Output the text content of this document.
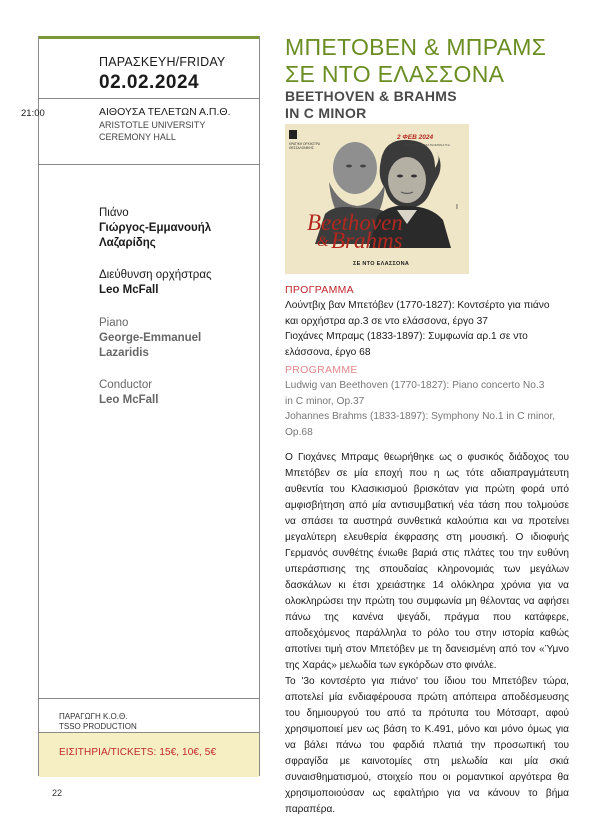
ΠΑΡΑΣΚΕΥΗ/FRIDAY
02.02.2024
21:00	ΑΙΘΟΥΣΑ ΤΕΛΕΤΩΝ Α.Π.Θ.
ARISTOTLE UNIVERSITY
CEREMONY HALL
Πιάνο
Γιώργος-Εμμανουήλ
Λαζαρίδης
Διεύθυνση ορχήστρας
Leo McFall
Piano
George-Emmanuel
Lazaridis
Conductor
Leo McFall
ΠΑΡΑΓΩΓΗ Κ.Ο.Θ.
TSSO PRODUCTION
ΕΙΣΙΤΗΡΙΑ/TICKETS: 15€, 10€, 5€
22
ΜΠΕΤΟΒΕΝ & ΜΠΡΑΜΣ
ΣΕ ΝΤΟ ΕΛΑΣΣΟΝΑ
BEETHOVEN & BRAHMS
IN C MINOR
ΚΡΑΤΙΚΗ ΟΡΧΗΣΤΡΑ ΘΕΣΣΑΛΟΝΙΚΗΣ
2 ΦΕΒ 2024
ΩΡΑ 21:00 ΑΙΘΟΥΣΑ ΤΕΛΕΤΩΝ Α.Π.Θ.
Beethoven
& Brahms
ΣΕ ΝΤΟ ΕΛΑΣΣΟΝΑ
I
ΠΡΟΓΡΑΜΜΑ
Λούντβιχ βαν Μπετόβεν (1770-1827): Κοντσέρτο για πιάνο
και ορχήστρα αρ.3 σε ντο ελάσσονα, έργο 37
Γιοχάνες Μπραμς (1833-1897): Συμφωνία αρ.1 σε ντο
ελάσσονα, έργο 68
PROGRAMME
Ludwig van Beethoven (1770-1827): Piano concerto No.3
in C minor, Op.37
Johannes Brahms (1833-1897): Symphony No.1 in C minor,
Op.68

Ο Γιοχάνες Μπραμς θεωρήθηκε ως ο φυσικός διάδοχος του Μπετόβεν σε μία εποχή που η ως τότε αδιαπραγμάτευτη αυθεντία του Κλασικισμού βρισκόταν για πρώτη φορά υπό αμφισβήτηση από μία αντισυμβατική νέα τάση που τολμούσε να σπάσει τα αυστηρά συνθετικά καλούπια και να προτείνει μεγαλύτερη ελευθερία έκφρασης στη μουσική. Ο ιδιοφυής Γερμανός συνθέτης ένιωθε βαριά στις πλάτες του την ευθύνη υπεράσπισης της σπουδαίας κληρονομιάς των μεγάλων δασκάλων κι έτσι χρειάστηκε 14 ολόκληρα χρόνια για να ολοκληρώσει την πρώτη του συμφωνία μη θέλοντας να αφήσει πάνω της κανένα ψεγάδι, πράγμα που κατάφερε, αποδεχόμενος παράλληλα το ρόλο του στην ιστορία καθώς αποτίνει τιμή στον Μπετόβεν με τη δανεισμένη από τον «Ύμνο της Χαράς» μελωδία των εγκόρδων στο φινάλε.

Το '3ο κοντσέρτο για πιάνο' του ίδιου του Μπετόβεν τώρα, αποτελεί μία ενδιαφέρουσα πρώτη απόπειρα αποδέσμευσης του δημιουργού του από τα πρότυπα του Μότσαρτ, αφού χρησιμοποιεί μεν ως βάση το Κ.491, μόνο και μόνο όμως για να βάλει πάνω του φαρδιά πλατιά την προσωπική του σφραγίδα με καινοτομίες στη μελωδία και μία σκιά συναισθηματισμού, στοιχείο που οι ρομαντικοί αργότερα θα χρησιμοποιούσαν ως εφαλτήριο για να κάνουν το βήμα παραπέρα.
